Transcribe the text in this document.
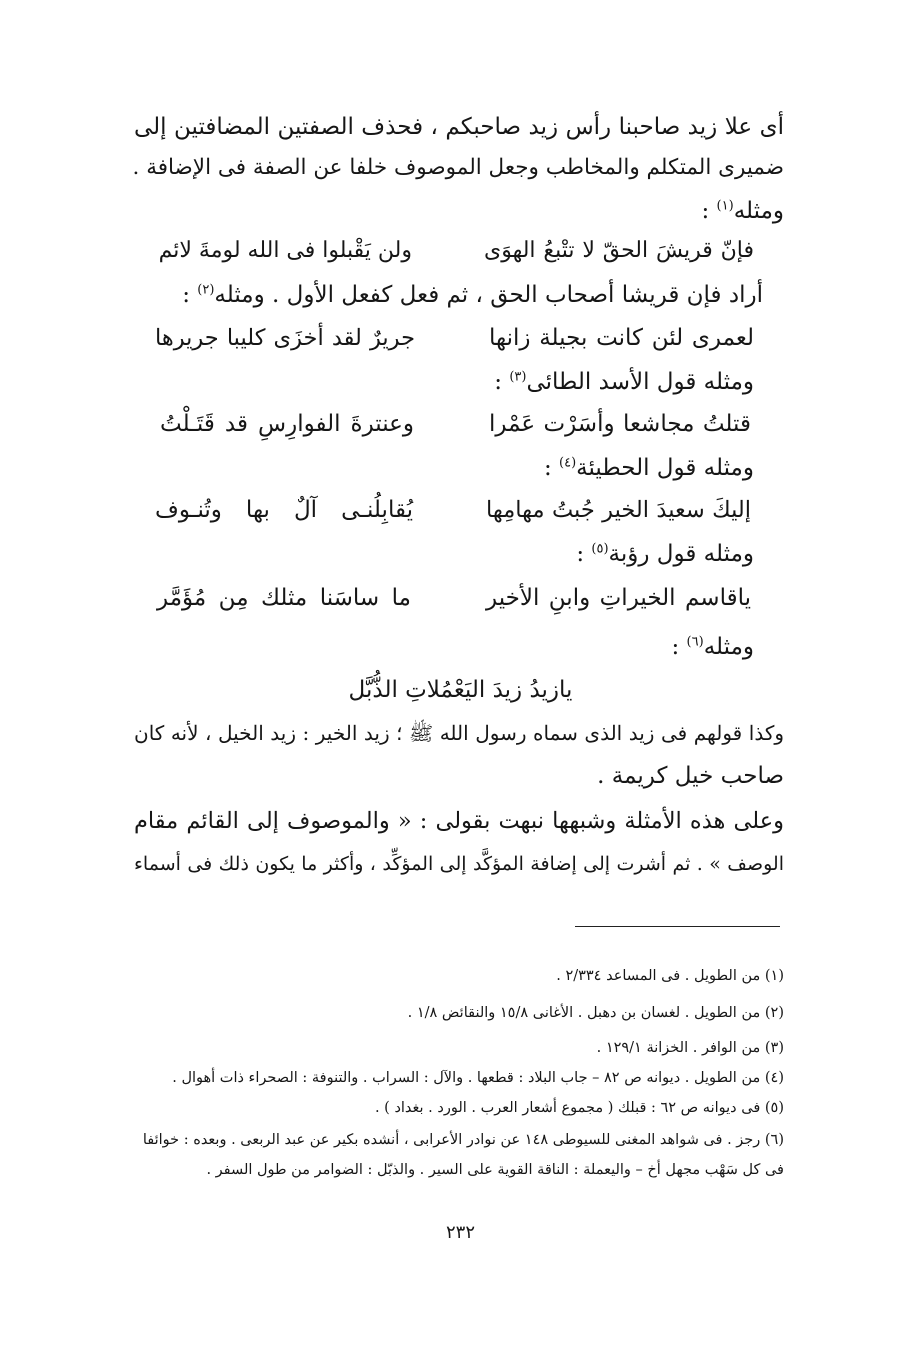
أى علا زيد صاحبنا رأس زيد صاحبكم ، فحذف الصفتين المضافتين إلى

ضميرى المتكلم والمخاطب وجعل الموصوف خلفا عن الصفة فى الإضافة .

ومثله$^{(١)}$ :

فإنّ قريشَ الحقّ لا تتْبعُ الهوَى
ولن يَقْبلوا فى الله لومةَ لائم

أراد فإن قريشا أصحاب الحق ، ثم فعل كفعل الأول . ومثله$^{(٢)}$ :

لعمرى لئن كانت بجيلة زانها
جريرٌ لقد أخزَى كليبا جريرها

ومثله قول الأسد الطائى$^{(٣)}$ :

قتلتُ مجاشعا وأسَرْت عَمْرا
وعنترةَ الفوارِسِ قد قَتَـلْتُ

ومثله قول الحطيئة$^{(٤)}$ :

إليكَ سعيدَ الخير جُبتُ مهامِها
يُقابِلُنـى آلٌ بها وتُنـوف

ومثله قول رؤبة$^{(٥)}$ :

ياقاسم الخيراتِ وابنِ الأخير
ما ساسَنا مثلك مِن مُؤَمَّر

ومثله$^{(٦)}$ :

يازيدُ زيدَ اليَعْمُلاتِ الذُّبَّل

وكذا قولهم فى زيد الذى سماه رسول الله ﷺ ؛ زيد الخير : زيد الخيل ، لأنه كان

صاحب خيل كريمة .

وعلى هذه الأمثلة وشبهها نبهت بقولى : « والموصوف إلى القائم مقام

الوصف » . ثم أشرت إلى إضافة المؤكَّد إلى المؤكِّد ، وأكثر ما يكون ذلك فى أسماء

(١) من الطويل . فى المساعد ٢/٣٣٤ .
(٢) من الطويل . لغسان بن دهبل . الأغانى ١٥/٨ والنقائض ١/٨ .
(٣) من الوافر . الخزانة ١٢٩/١ .
(٤) من الطويل . ديوانه ص ٨٢ – جاب البلاد : قطعها . والآل : السراب . والتنوفة : الصحراء ذات أهوال .
(٥) فى ديوانه ص ٦٢ : قبلك ( مجموع أشعار العرب . الورد . بغداد ) .
(٦) رجز . فى شواهد المغنى للسيوطى ١٤٨ عن نوادر الأعرابى ، أنشده بكير عن عبد الربعى . وبعده : خوائفا
فى كل سَهْب مجهل أخ – واليعملة : الناقة القوية على السير . والذبّل : الضوامر من طول السفر .
٢٣٢
